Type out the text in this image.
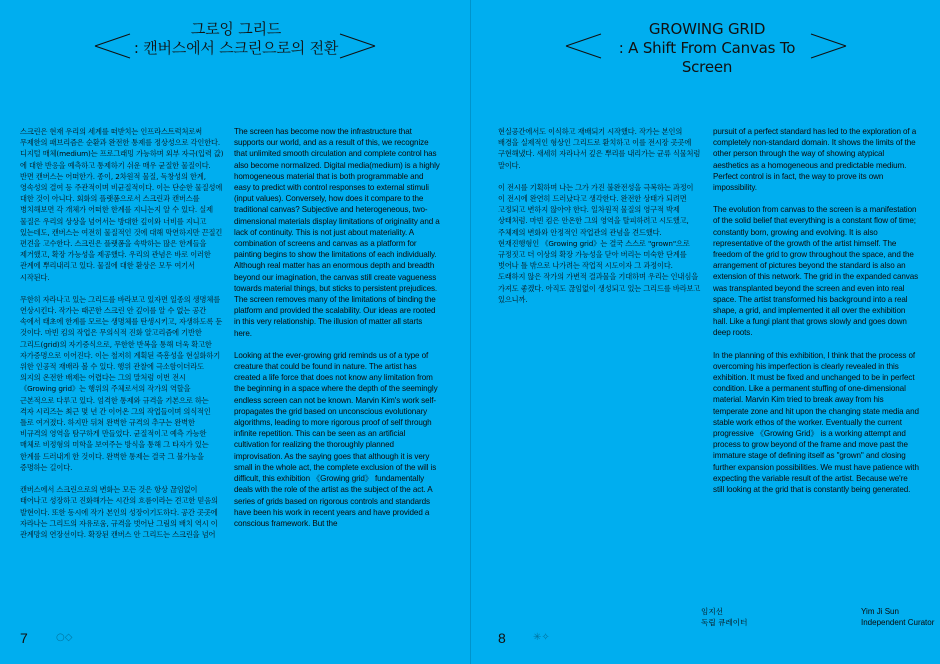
그로잉 그리드
: 캔버스에서 스크린으로의 전환

스크린은 현재 우리의 세계를 떠받치는 인프라스트럭처로써 무제한의 패브리즘은 순환과 완전한 통제를 정상성으로 각인한다. 디지털 매체(medium)는 프로그래밍 가능하며 외부 자극(입력 값)에 대한 반응을 예측하고 통제하기 쉬운 매우 균질한 물질이다. 반면 캔버스는 어떠한가. 종이, 2차원적 물질, 독창성의 한계, 영속성의 결여 등 주관적이며 비균질적이다. 이는 단순한 물질성에 대한 것이 아니다. 회화의 플랫폼으로서 스크린과 캔버스를 병치해보면 각 개체가 어떠한 한계를 지니는지 알 수 있다. 실제 물질은 우리의 상상을 넘어서는 방대한 깊이와 너비를 지니고 있는데도, 캔버스는 여전히 물질적인 것에 대해 막연하지만 끈질긴 편견을 고수한다. 스크린은 플랫폼을 속박하는 많은 한계들을 제거했고, 확장 가능성을 제공했다. 우리의 관념은 바로 이러한 관계에 뿌리내리고 있다. 물질에 대한 환상은 모두 여기서 시작된다.

무한히 자라나고 있는 그리드를 바라보고 있자면 일종의 생명체를 연상시킨다. 작가는 때곤한 스크린 안 깊이를 알 수 없는 공간 속에서 태초에 한계를 모르는 생명체를 탄생시키고, 자생하도록 둔 것이다. 마빈 킴의 작업은 무의식적 진화 알고리즘에 기반한 그리드(grid)의 자기증식으로, 무한한 반복을 통해 더욱 확고한 자가증명으로 이어진다. 이는 철저히 계획된 즉흥성을 현실화하기 위한 인공적 재배라 볼 수 있다. 행위 관찰에 극소함이더라도 의지의 온전한 배제는 어렵다는 그의 말처럼 이번 전시 《Growing grid》는 행위의 주체로서의 작가의 역할을 근본적으로 다루고 있다. 엄격한 통제와 규격을 기본으로 하는 격자 시리즈는 최근 몇 년 간 이어온 그의 작업들이며 의식적인 틀로 여겨졌다. 하지만 뒤쳐 완벽한 규격의 추구는 완벽한 비규격의 영역을 탐구하게 만들었다. 균질적이고 예측 가능한 매체로 비정형의 미학을 보여주는 방식을 통해 그 타자가 있는 한계를 드러내게 한 것이다. 완벽한 통제는 결국 그 불가능을 증명하는 길이다.

캔버스에서 스크린으로의 변화는 모든 것은 항상 끊임없이 태어나고 성장하고 진화해가는 시간의 흐름이라는 견고한 믿음의 발현이다. 또한 동시에 작가 본인의 성장이기도하다. 공간 곳곳에 자라나는 그리드의 자유로움, 규격을 벗어난 그림의 배치 역시 이 관계망의 연장선이다. 확장된 캔버스 안 그리드는 스크린을 넘어

The screen has become now the infrastructure that supports our world, and as a result of this, we recognize that unlimited smooth circulation and complete control has also become normalized. Digital media(medium) is a highly homogeneous material that is both programmable and easy to predict with control responses to external stimuli (input values). Conversely, how does it compare to the traditional canvas? Subjective and heterogeneous, two-dimensional materials display limitations of originality and a lack of continuity. This is not just about materiality. A combination of screens and canvas as a platform for painting begins to show the limitations of each individually. Although real matter has an enormous depth and breadth beyond our imagination, the canvas still create vagueness towards material things, but sticks to persistent prejudices. The screen removes many of the limitations of binding the platform and provided the scalability. Our ideas are rooted in this very relationship. The illusion of matter all starts here.

Looking at the ever-growing grid reminds us of a type of creature that could be found in nature. The artist has created a life force that does not know any limitation from the beginning in a space where the depth of the seemingly endless screen can not be known. Marvin Kim's work self-propagates the grid based on unconscious evolutionary algorithms, leading to more rigorous proof of self through infinite repetition. This can be seen as an artificial cultivation for realizing the thoroughly planned improvisation. As the saying goes that although it is very small in the whole act, the complete exclusion of the will is difficult, this exhibition 《Growing grid》 fundamentally deals with the role of the artist as the subject of the act. A series of grids based on rigorous controls and standards have been his work in recent years and have provided a conscious framework. But the

7	○◇
GROWING GRID
: A Shift From Canvas To Screen

현실공간에서도 이식하고 재배되기 시작했다. 작가는 본인의 배경을 실제적인 형상인 그리드로 환치하고 이를 전시장 곳곳에 구현해냈다. 새세히 자라나서 깊은 뿌리를 내리가는 균류 식물처럼 말이다.

이 전시를 기획하며 나는 그가 가진 불완전성을 극복하는 과정이 이 전시에 완연히 드러났다고 생각한다. 완전한 상태가 되려면 고정되고 변하지 않아야 한다. 일차원적 물질의 영구적 박제 상태처럼. 마빈 킴은 안온한 그의 영역을 탈피하려고 시도했고, 주체제의 변화와 안정적인 작업관의 관념을 견드했다. 현재진행형인 《Growing grid》는 결국 스스로 "grown"으로 규정짓고 더 이상의 확장 가능성을 닫아 버리는 미숙한 단계를 벗어나 틀 밖으로 나가려는 작업적 시도이자 그 과정이다. 도래하지 않은 작가의 가변적 결과물을 기대하며 우리는 인내심을 가져도 좋겠다. 아직도 끊임없이 생성되고 있는 그리드를 바라보고 있으니까.

pursuit of a perfect standard has led to the exploration of a completely non-standard domain. It shows the limits of the other person through the way of showing atypical aesthetics as a homogeneous and predictable medium. Perfect control is in fact, the way to prove its own impossibility.

The evolution from canvas to the screen is a manifestation of the solid belief that everything is a constant flow of time; constantly born, growing and evolving. It is also representative of the growth of the artist himself. The freedom of the grid to grow throughout the space, and the arrangement of pictures beyond the standard is also an extension of this network. The grid in the expanded canvas was transplanted beyond the screen and even into real space. The artist transformed his background into a real shape, a grid, and implemented it all over the exhibition hall. Like a fungi plant that grows slowly and goes down deep roots.

In the planning of this exhibition, I think that the process of overcoming his imperfection is clearly revealed in this exhibition. It must be fixed and unchanged to be in perfect condition. Like a permanent stuffing of one-dimensional material. Marvin Kim tried to break away from his temperate zone and hit upon the changing state media and stable work ethos of the worker. Eventually the current progressive 《Growing Grid》 is a working attempt and process to grow beyond of the frame and move past the immature stage of defining itself as "grown" and closing further expansion possibilities. We must have patience with expecting the variable result of the artist. Because we're still looking at the grid that is constantly being generated.

임지선
독립 큐레이터
Yim Ji Sun
Independent Curator
8	✳✧
